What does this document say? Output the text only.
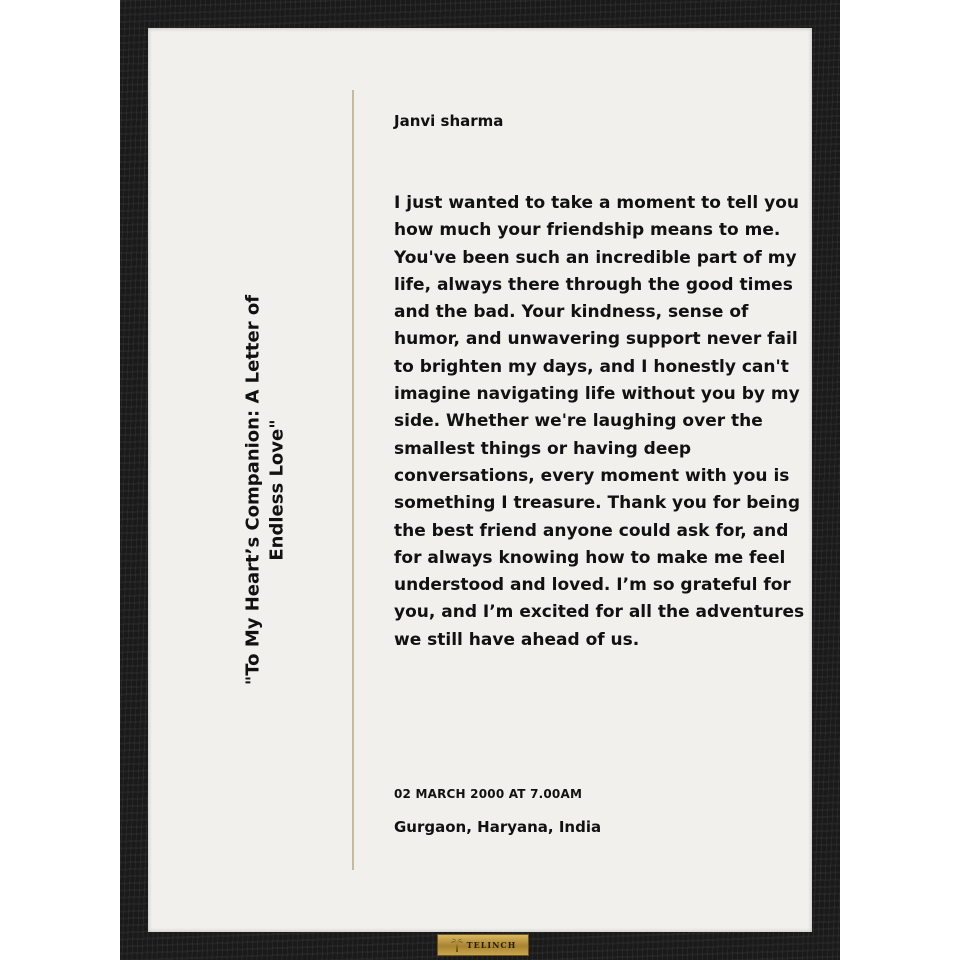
"To My Heart’s Companion: A Letter of Endless Love"
Janvi sharma

I just wanted to take a moment to tell you how much your friendship means to me. You've been such an incredible part of my life, always there through the good times and the bad. Your kindness, sense of humor, and unwavering support never fail to brighten my days, and I honestly can't imagine navigating life without you by my side. Whether we're laughing over the smallest things or having deep conversations, every moment with you is something I treasure. Thank you for being the best friend anyone could ask for, and for always knowing how to make me feel understood and loved. I’m so grateful for you, and I’m excited for all the adventures we still have ahead of us.

02 MARCH 2000 AT 7.00AM
Gurgaon, Haryana, India
TELINCH
